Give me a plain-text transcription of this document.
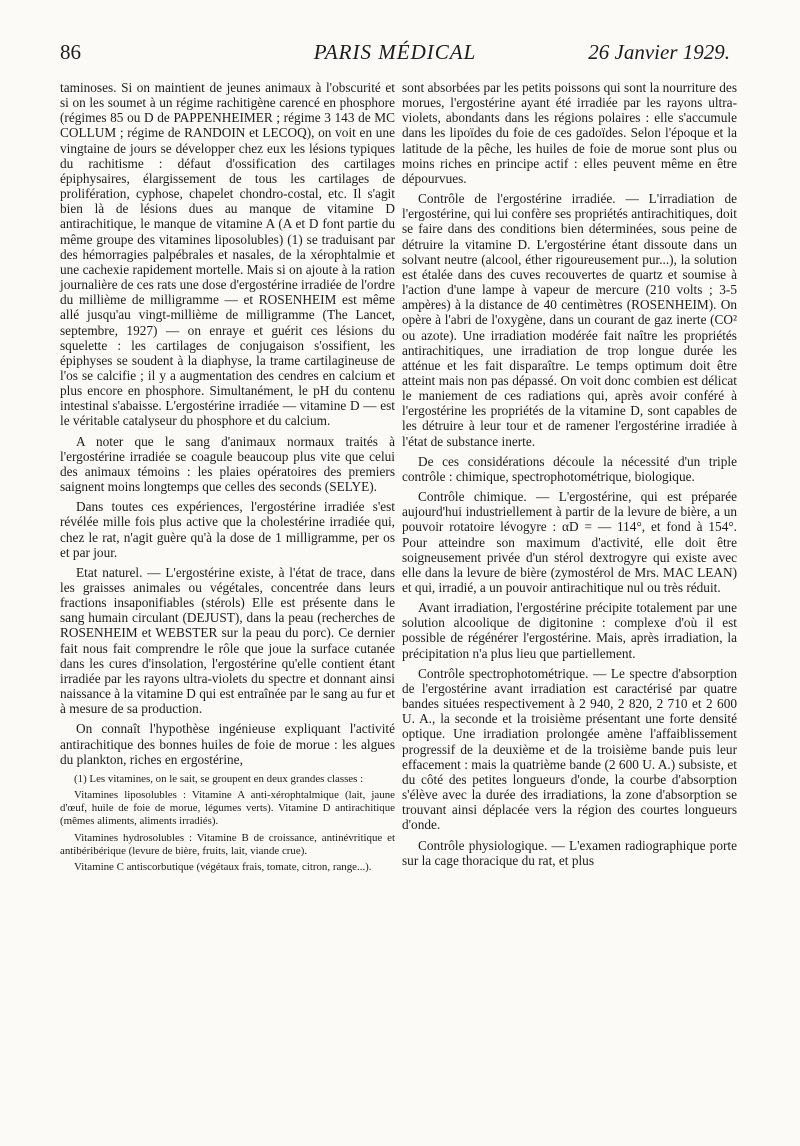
86	PARIS MÉDICAL	26 Janvier 1929.

taminoses. Si on maintient de jeunes animaux à l'obscurité et si on les soumet à un régime rachitigène carencé en phosphore (régimes 85 ou D de PAPPENHEIMER ; régime 3 143 de MC COLLUM ; régime de RANDOIN et LECOQ), on voit en une vingtaine de jours se développer chez eux les lésions typiques du rachitisme : défaut d'ossification des cartilages épiphysaires, élargissement de tous les cartilages de prolifération, cyphose, chapelet chondro-costal, etc. Il s'agit bien là de lésions dues au manque de vitamine D antirachitique, le manque de vitamine A (A et D font partie du même groupe des vitamines liposolubles) (1) se traduisant par des hémorragies palpébrales et nasales, de la xérophtalmie et une cachexie rapidement mortelle. Mais si on ajoute à la ration journalière de ces rats une dose d'ergostérine irradiée de l'ordre du millième de milligramme — et ROSENHEIM est même allé jusqu'au vingt-millième de milligramme (The Lancet, septembre, 1927) — on enraye et guérit ces lésions du squelette : les cartilages de conjugaison s'ossifient, les épiphyses se soudent à la diaphyse, la trame cartilagineuse de l'os se calcifie ; il y a augmentation des cendres en calcium et plus encore en phosphore. Simultanément, le pH du contenu intestinal s'abaisse. L'ergostérine irradiée — vitamine D — est le véritable catalyseur du phosphore et du calcium.

A noter que le sang d'animaux normaux traités à l'ergostérine irradiée se coagule beaucoup plus vite que celui des animaux témoins : les plaies opératoires des premiers saignent moins longtemps que celles des seconds (SELYE).

Dans toutes ces expériences, l'ergostérine irradiée s'est révélée mille fois plus active que la cholestérine irradiée qui, chez le rat, n'agit guère qu'à la dose de 1 milligramme, per os et par jour.

Etat naturel. — L'ergostérine existe, à l'état de trace, dans les graisses animales ou végétales, concentrée dans leurs fractions insaponifiables (stérols) Elle est présente dans le sang humain circulant (DEJUST), dans la peau (recherches de ROSENHEIM et WEBSTER sur la peau du porc). Ce dernier fait nous fait comprendre le rôle que joue la surface cutanée dans les cures d'insolation, l'ergostérine qu'elle contient étant irradiée par les rayons ultra-violets du spectre et donnant ainsi naissance à la vitamine D qui est entraînée par le sang au fur et à mesure de sa production.

On connaît l'hypothèse ingénieuse expliquant l'activité antirachitique des bonnes huiles de foie de morue : les algues du plankton, riches en ergostérine,

(1) Les vitamines, on le sait, se groupent en deux grandes classes :

Vitamines liposolubles : Vitamine A anti-xérophtalmique (lait, jaune d'œuf, huile de foie de morue, légumes verts). Vitamine D antirachitique (mêmes aliments, aliments irradiés).

Vitamines hydrosolubles : Vitamine B de croissance, antinévritique et antibéribérique (levure de bière, fruits, lait, viande crue).

Vitamine C antiscorbutique (végétaux frais, tomate, citron, range...).

sont absorbées par les petits poissons qui sont la nourriture des morues, l'ergostérine ayant été irradiée par les rayons ultra-violets, abondants dans les régions polaires : elle s'accumule dans les lipoïdes du foie de ces gadoïdes. Selon l'époque et la latitude de la pêche, les huiles de foie de morue sont plus ou moins riches en principe actif : elles peuvent même en être dépourvues.

Contrôle de l'ergostérine irradiée. — L'irradiation de l'ergostérine, qui lui confère ses propriétés antirachitiques, doit se faire dans des conditions bien déterminées, sous peine de détruire la vitamine D. L'ergostérine étant dissoute dans un solvant neutre (alcool, éther rigoureusement pur...), la solution est étalée dans des cuves recouvertes de quartz et soumise à l'action d'une lampe à vapeur de mercure (210 volts ; 3-5 ampères) à la distance de 40 centimètres (ROSENHEIM). On opère à l'abri de l'oxygène, dans un courant de gaz inerte (CO² ou azote). Une irradiation modérée fait naître les propriétés antirachitiques, une irradiation de trop longue durée les atténue et les fait disparaître. Le temps optimum doit être atteint mais non pas dépassé. On voit donc combien est délicat le maniement de ces radiations qui, après avoir conféré à l'ergostérine les propriétés de la vitamine D, sont capables de les détruire à leur tour et de ramener l'ergostérine irradiée à l'état de substance inerte.

De ces considérations découle la nécessité d'un triple contrôle : chimique, spectrophotométrique, biologique.

Contrôle chimique. — L'ergostérine, qui est préparée aujourd'hui industriellement à partir de la levure de bière, a un pouvoir rotatoire lévogyre : αD = — 114°, et fond à 154°. Pour atteindre son maximum d'activité, elle doit être soigneusement privée d'un stérol dextrogyre qui existe avec elle dans la levure de bière (zymostérol de Mrs. MAC LEAN) et qui, irradié, a un pouvoir antirachitique nul ou très réduit.

Avant irradiation, l'ergostérine précipite totalement par une solution alcoolique de digitonine : complexe d'où il est possible de régénérer l'ergostérine. Mais, après irradiation, la précipitation n'a plus lieu que partiellement.

Contrôle spectrophotométrique. — Le spectre d'absorption de l'ergostérine avant irradiation est caractérisé par quatre bandes situées respectivement à 2 940, 2 820, 2 710 et 2 600 U. A., la seconde et la troisième présentant une forte densité optique. Une irradiation prolongée amène l'affaiblissement progressif de la deuxième et de la troisième bande puis leur effacement : mais la quatrième bande (2 600 U. A.) subsiste, et du côté des petites longueurs d'onde, la courbe d'absorption s'élève avec la durée des irradiations, la zone d'absorption se trouvant ainsi déplacée vers la région des courtes longueurs d'onde.

Contrôle physiologique. — L'examen radiographique porte sur la cage thoracique du rat, et plus
